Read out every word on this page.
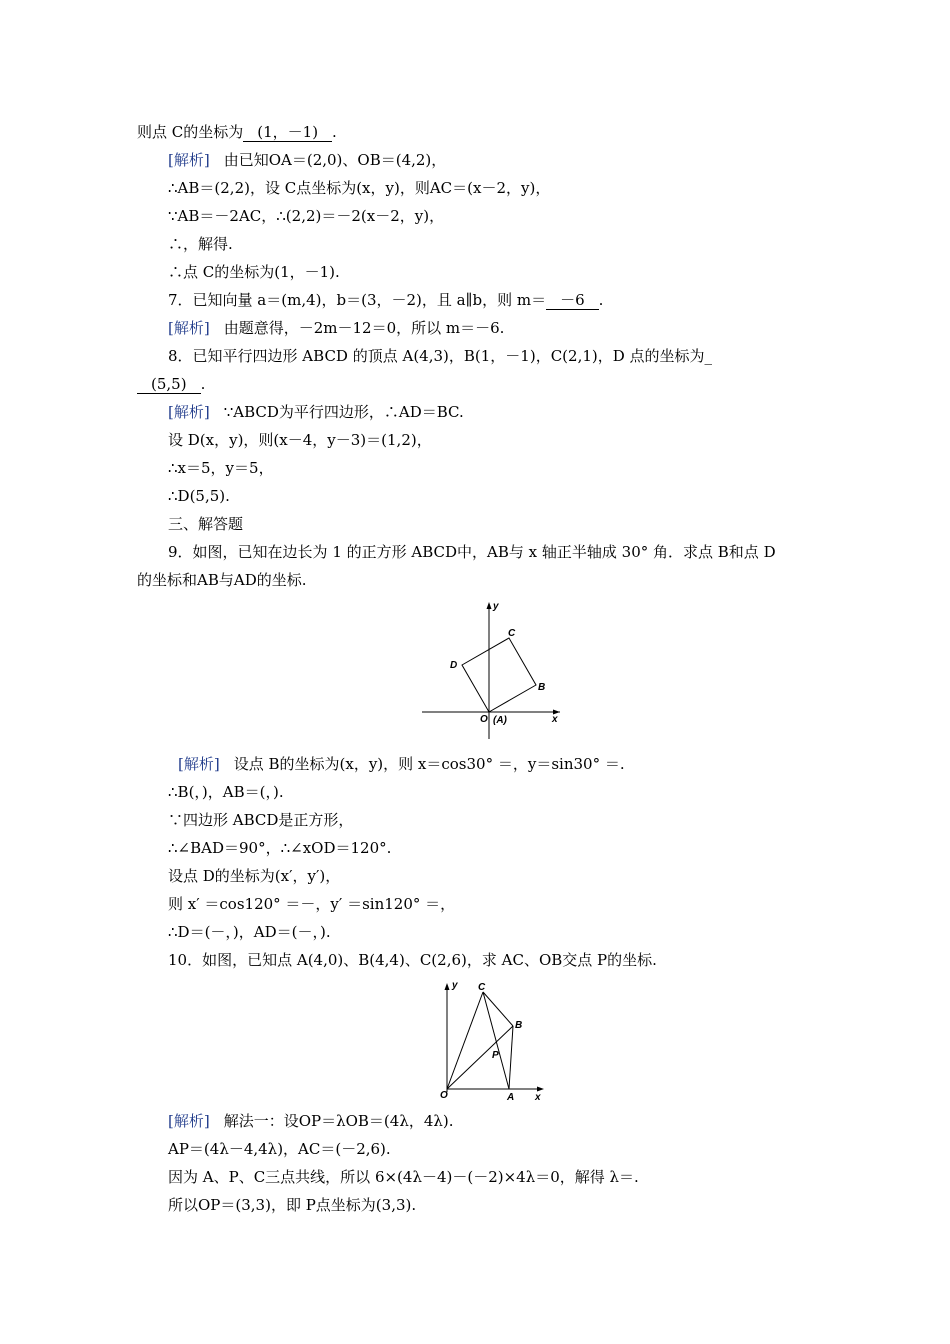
则点 C的坐标为 (1，－1) .
[解析] 由已知OA＝(2,0)、OB＝(4,2)，
∴AB＝(2,2)，设 C点坐标为(x，y)，则AC＝(x－2，y)，
∵AB＝－2AC，∴(2,2)＝－2(x－2，y)，
∴，解得.
∴点 C的坐标为(1，－1).
7．已知向量 a＝(m,4)，b＝(3，－2)，且 a∥b，则 m＝ －6 .
[解析] 由题意得，－2m－12＝0，所以 m＝－6.
8．已知平行四边形 ABCD 的顶点 A(4,3)，B(1，－1)，C(2,1)，D 点的坐标为_
(5,5) .
[解析] ∵ABCD为平行四边形，∴AD＝BC.
设 D(x，y)，则(x－4，y－3)＝(1,2)，
∴x＝5，y＝5，
∴D(5,5).
三、解答题
9．如图，已知在边长为 1 的正方形 ABCD中，AB与 x 轴正半轴成 30° 角．求点 B和点 D
的坐标和AB与AD的坐标.
y
x
C
D
B
O (A)
[解析] 设点 B的坐标为(x，y)，则 x＝cos30° ＝，y＝sin30° ＝.
∴B(，)，AB＝(，).
∵四边形 ABCD是正方形，
∴∠BAD＝90°，∴∠xOD＝120°.
设点 D的坐标为(x′，y′)，
则 x′ ＝cos120° ＝－，y′ ＝sin120° ＝，
∴D＝(－，)，AD＝(－，).
10．如图，已知点 A(4,0)、B(4,4)、C(2,6)，求 AC、OB交点 P的坐标.
y
x
C
B
P
O	A
[解析] 解法一：设OP＝λOB＝(4λ，4λ).
AP＝(4λ－4,4λ)，AC＝(－2,6).
因为 A、P、C三点共线，所以 6×(4λ－4)－(－2)×4λ＝0，解得 λ＝.
所以OP＝(3,3)，即 P点坐标为(3,3).
